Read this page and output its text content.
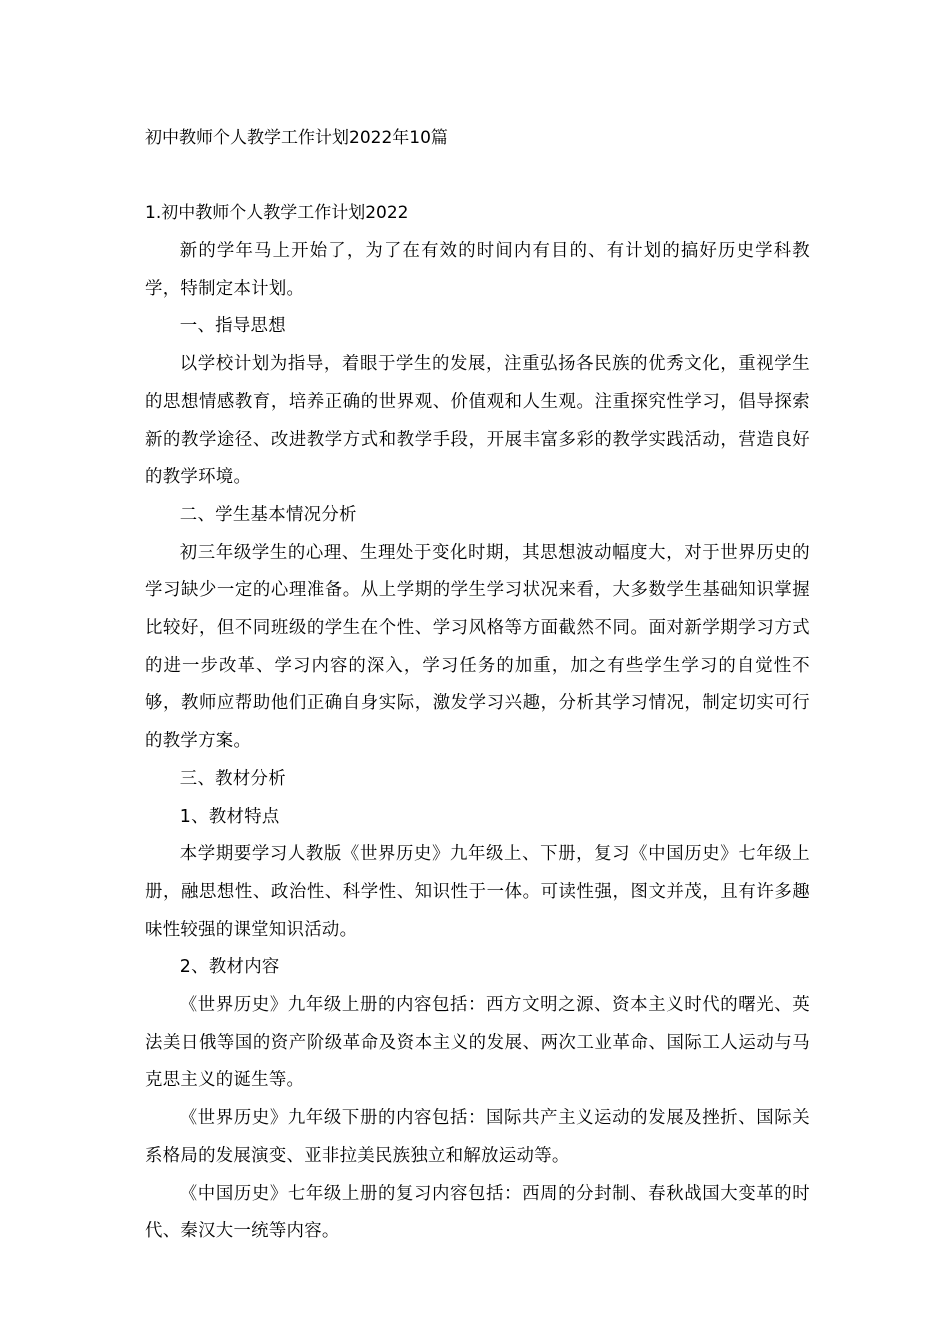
初中教师个人教学工作计划2022年10篇
1.初中教师个人教学工作计划2022

新的学年马上开始了，为了在有效的时间内有目的、有计划的搞好历史学科教学，特制定本计划。

一、指导思想

以学校计划为指导，着眼于学生的发展，注重弘扬各民族的优秀文化，重视学生的思想情感教育，培养正确的世界观、价值观和人生观。注重探究性学习，倡导探索新的教学途径、改进教学方式和教学手段，开展丰富多彩的教学实践活动，营造良好的教学环境。

二、学生基本情况分析

初三年级学生的心理、生理处于变化时期，其思想波动幅度大，对于世界历史的学习缺少一定的心理准备。从上学期的学生学习状况来看，大多数学生基础知识掌握比较好，但不同班级的学生在个性、学习风格等方面截然不同。面对新学期学习方式的进一步改革、学习内容的深入，学习任务的加重，加之有些学生学习的自觉性不够，教师应帮助他们正确自身实际，激发学习兴趣，分析其学习情况，制定切实可行的教学方案。

三、教材分析

1、教材特点

本学期要学习人教版《世界历史》九年级上、下册，复习《中国历史》七年级上册，融思想性、政治性、科学性、知识性于一体。可读性强，图文并茂，且有许多趣味性较强的课堂知识活动。

2、教材内容

《世界历史》九年级上册的内容包括：西方文明之源、资本主义时代的曙光、英法美日俄等国的资产阶级革命及资本主义的发展、两次工业革命、国际工人运动与马克思主义的诞生等。

《世界历史》九年级下册的内容包括：国际共产主义运动的发展及挫折、国际关系格局的发展演变、亚非拉美民族独立和解放运动等。

《中国历史》七年级上册的复习内容包括：西周的分封制、春秋战国大变革的时代、秦汉大一统等内容。
